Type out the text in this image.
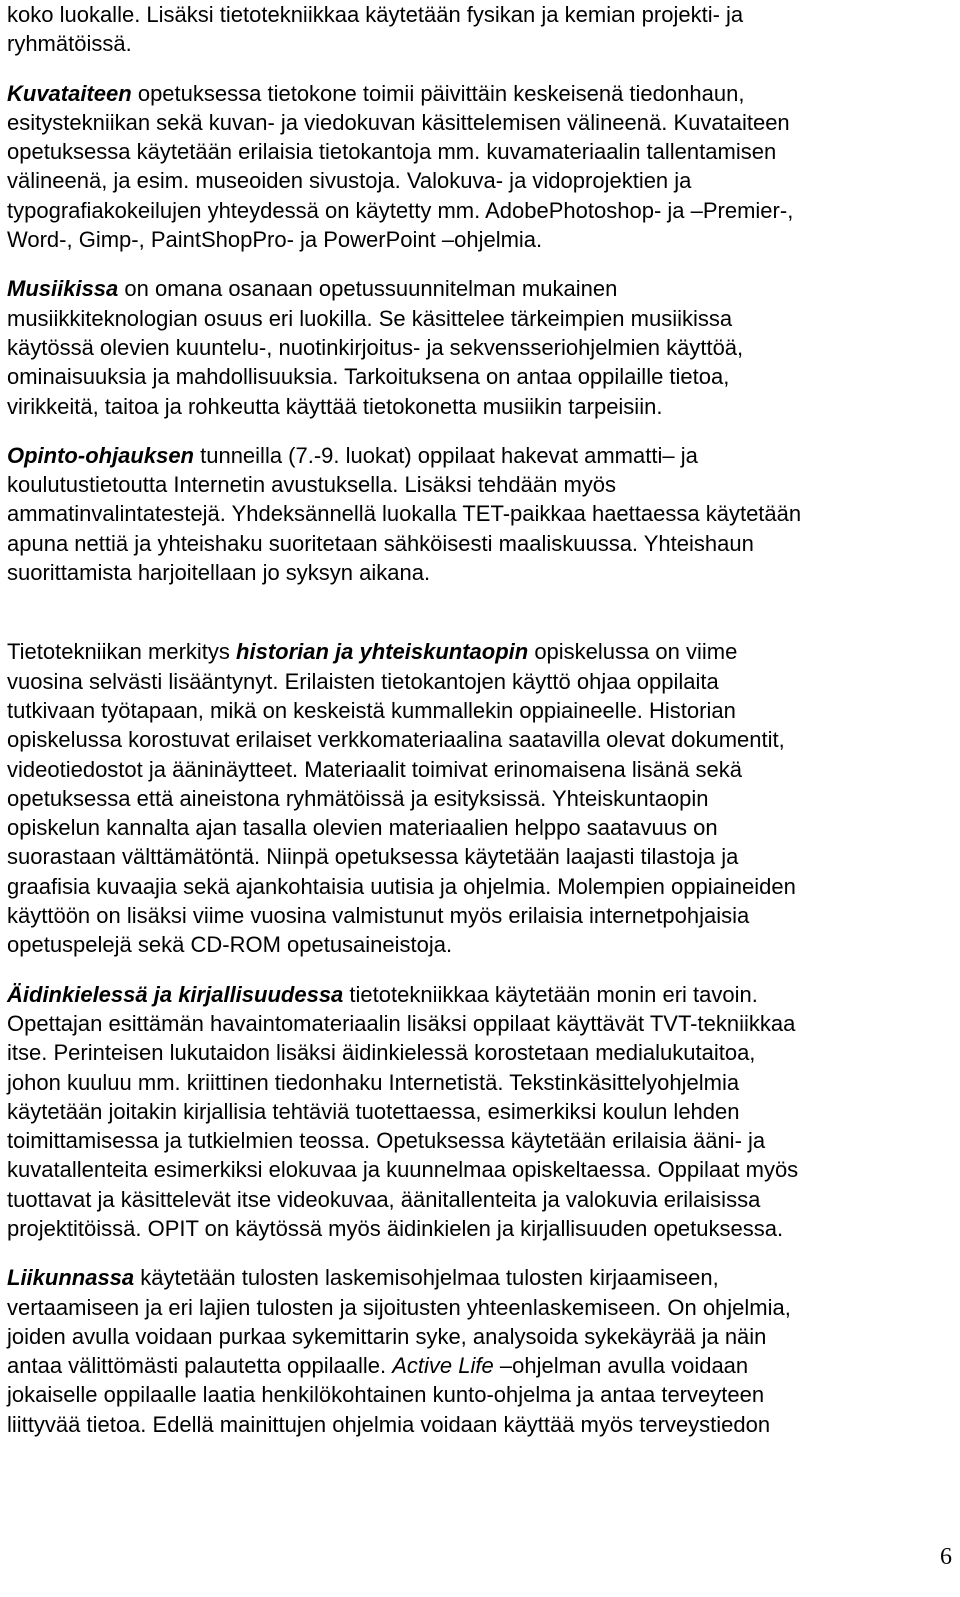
koko luokalle. Lisäksi tietotekniikkaa käytetään fysikan ja kemian projekti- ja
ryhmätöissä.
Kuvataiteen opetuksessa tietokone toimii päivittäin keskeisenä tiedonhaun,
esitystekniikan sekä kuvan- ja viedokuvan käsittelemisen välineenä. Kuvataiteen
opetuksessa käytetään erilaisia tietokantoja mm. kuvamateriaalin tallentamisen
välineenä, ja esim. museoiden sivustoja. Valokuva- ja vidoprojektien ja
typografiakokeilujen yhteydessä on käytetty mm. AdobePhotoshop- ja –Premier-,
Word-, Gimp-, PaintShopPro- ja PowerPoint –ohjelmia.
Musiikissa on omana osanaan opetussuunnitelman mukainen
musiikkiteknologian osuus eri luokilla. Se käsittelee tärkeimpien musiikissa
käytössä olevien kuuntelu-, nuotinkirjoitus- ja sekvensseriohjelmien käyttöä,
ominaisuuksia ja mahdollisuuksia. Tarkoituksena on antaa oppilaille tietoa,
virikkeitä, taitoa ja rohkeutta käyttää tietokonetta musiikin tarpeisiin.
Opinto-ohjauksen tunneilla (7.-9. luokat) oppilaat hakevat ammatti– ja
koulutustietoutta Internetin avustuksella. Lisäksi tehdään myös
ammatinvalintatestejä. Yhdeksännellä luokalla TET-paikkaa haettaessa käytetään
apuna nettiä ja yhteishaku suoritetaan sähköisesti maaliskuussa. Yhteishaun
suorittamista harjoitellaan jo syksyn aikana.
Tietotekniikan merkitys historian ja yhteiskuntaopin opiskelussa on viime
vuosina selvästi lisääntynyt. Erilaisten tietokantojen käyttö ohjaa oppilaita
tutkivaan työtapaan, mikä on keskeistä kummallekin oppiaineelle. Historian
opiskelussa korostuvat erilaiset verkkomateriaalina saatavilla olevat dokumentit,
videotiedostot ja ääninäytteet. Materiaalit toimivat erinomaisena lisänä sekä
opetuksessa että aineistona ryhmätöissä ja esityksissä. Yhteiskuntaopin
opiskelun kannalta ajan tasalla olevien materiaalien helppo saatavuus on
suorastaan välttämätöntä. Niinpä opetuksessa käytetään laajasti tilastoja ja
graafisia kuvaajia sekä ajankohtaisia uutisia ja ohjelmia. Molempien oppiaineiden
käyttöön on lisäksi viime vuosina valmistunut myös erilaisia internetpohjaisia
opetuspelejä sekä CD-ROM opetusaineistoja.
Äidinkielessä ja kirjallisuudessa tietotekniikkaa käytetään monin eri tavoin.
Opettajan esittämän havaintomateriaalin lisäksi oppilaat käyttävät TVT-tekniikkaa
itse. Perinteisen lukutaidon lisäksi äidinkielessä korostetaan medialukutaitoa,
johon kuuluu mm. kriittinen tiedonhaku Internetistä. Tekstinkäsittelyohjelmia
käytetään joitakin kirjallisia tehtäviä tuotettaessa, esimerkiksi koulun lehden
toimittamisessa ja tutkielmien teossa. Opetuksessa käytetään erilaisia ääni- ja
kuvatallenteita esimerkiksi elokuvaa ja kuunnelmaa opiskeltaessa. Oppilaat myös
tuottavat ja käsittelevät itse videokuvaa, äänitallenteita ja valokuvia erilaisissa
projektitöissä. OPIT on käytössä myös äidinkielen ja kirjallisuuden opetuksessa.
Liikunnassa käytetään tulosten laskemisohjelmaa tulosten kirjaamiseen,
vertaamiseen ja eri lajien tulosten ja sijoitusten yhteenlaskemiseen. On ohjelmia,
joiden avulla voidaan purkaa sykemittarin syke, analysoida sykekäyrää ja näin
antaa välittömästi palautetta oppilaalle. Active Life –ohjelman avulla voidaan
jokaiselle oppilaalle laatia henkilökohtainen kunto-ohjelma ja antaa terveyteen
liittyvää tietoa. Edellä mainittujen ohjelmia voidaan käyttää myös terveystiedon
6
